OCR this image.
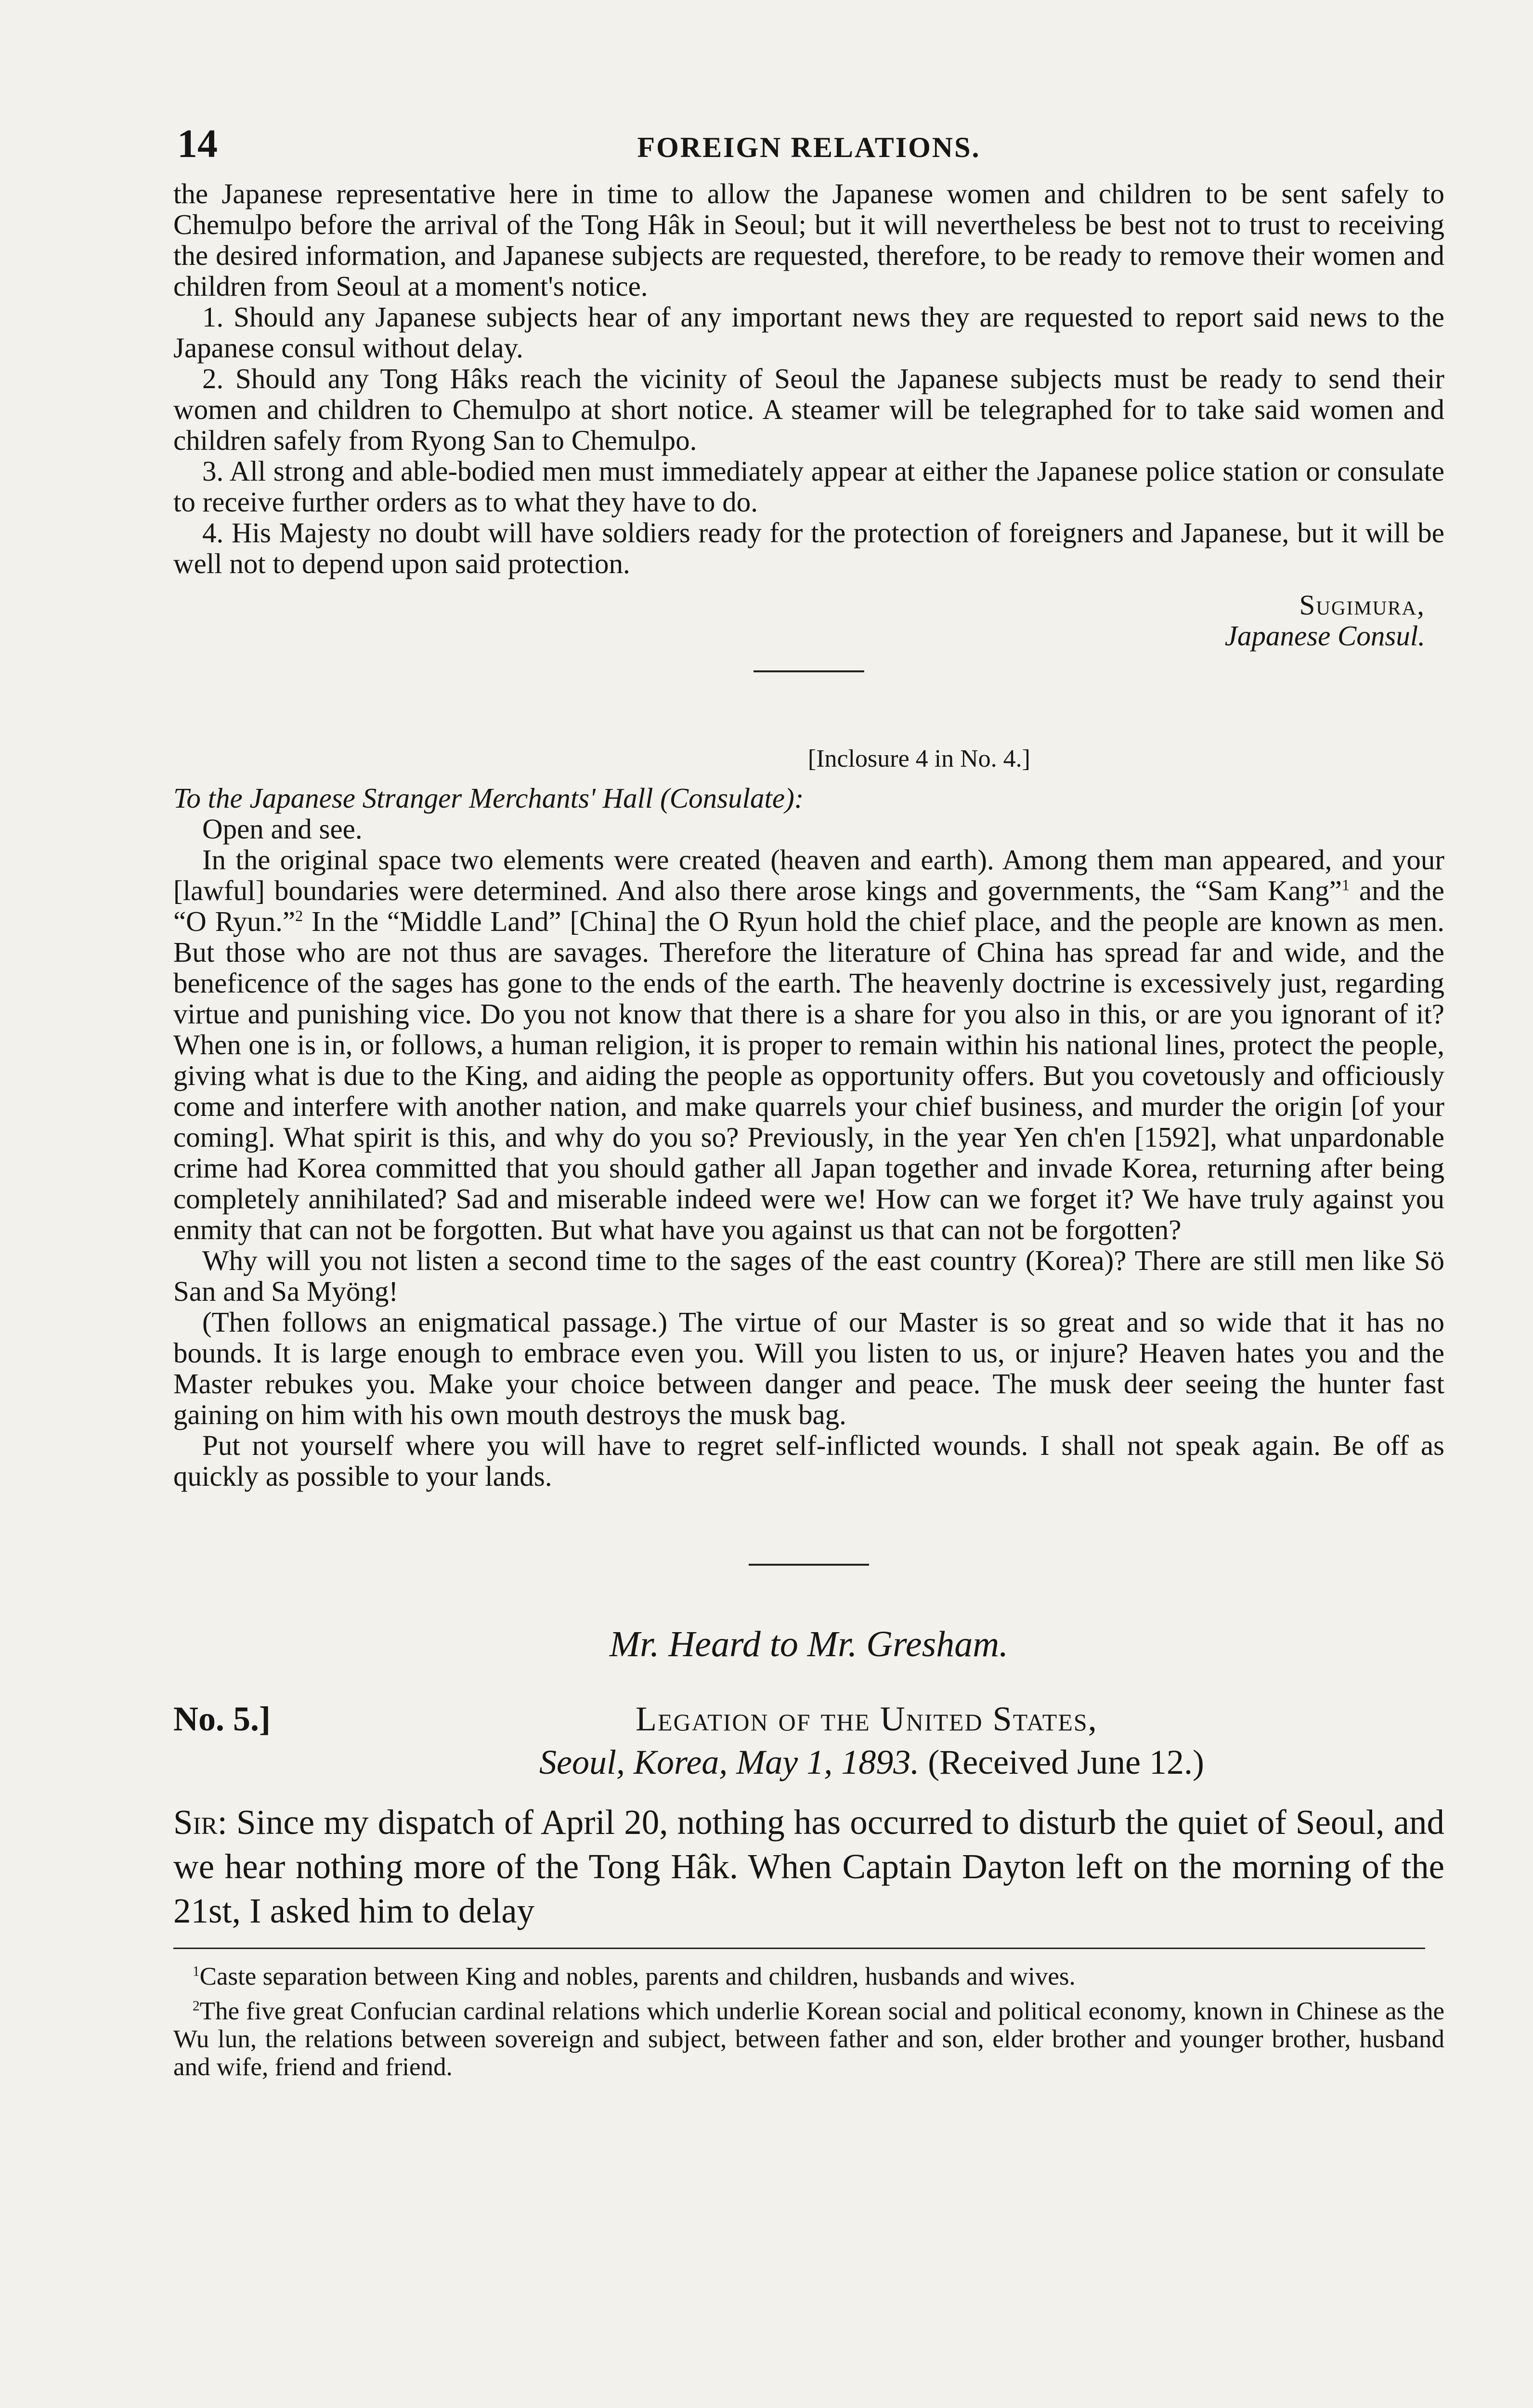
14	FOREIGN RELATIONS.

the Japanese representative here in time to allow the Japanese women and children to be sent safely to Chemulpo before the arrival of the Tong Hâk in Seoul; but it will nevertheless be best not to trust to receiving the desired information, and Japanese subjects are requested, therefore, to be ready to remove their women and children from Seoul at a moment's notice.

1. Should any Japanese subjects hear of any important news they are requested to report said news to the Japanese consul without delay.

2. Should any Tong Hâks reach the vicinity of Seoul the Japanese subjects must be ready to send their women and children to Chemulpo at short notice. A steamer will be telegraphed for to take said women and children safely from Ryong San to Chemulpo.

3. All strong and able-bodied men must immediately appear at either the Japanese police station or consulate to receive further orders as to what they have to do.

4. His Majesty no doubt will have soldiers ready for the protection of foreigners and Japanese, but it will be well not to depend upon said protection.

Sugimura,
Japanese Consul.
[Inclosure 4 in No. 4.]

To the Japanese Stranger Merchants' Hall (Consulate):

Open and see.

In the original space two elements were created (heaven and earth). Among them man appeared, and your [lawful] boundaries were determined. And also there arose kings and governments, the “Sam Kang”$^1$ and the “O Ryun.”$^2$ In the “Middle Land” [China] the O Ryun hold the chief place, and the people are known as men. But those who are not thus are savages. Therefore the literature of China has spread far and wide, and the beneficence of the sages has gone to the ends of the earth. The heavenly doctrine is excessively just, regarding virtue and punishing vice. Do you not know that there is a share for you also in this, or are you ignorant of it? When one is in, or follows, a human religion, it is proper to remain within his national lines, protect the people, giving what is due to the King, and aiding the people as opportunity offers. But you covetously and officiously come and interfere with another nation, and make quarrels your chief business, and murder the origin [of your coming]. What spirit is this, and why do you so? Previously, in the year Yen ch'en [1592], what unpardonable crime had Korea committed that you should gather all Japan together and invade Korea, returning after being completely annihilated? Sad and miserable indeed were we! How can we forget it? We have truly against you enmity that can not be forgotten. But what have you against us that can not be forgotten?

Why will you not listen a second time to the sages of the east country (Korea)? There are still men like Sö San and Sa Myöng!

(Then follows an enigmatical passage.) The virtue of our Master is so great and so wide that it has no bounds. It is large enough to embrace even you. Will you listen to us, or injure? Heaven hates you and the Master rebukes you. Make your choice between danger and peace. The musk deer seeing the hunter fast gaining on him with his own mouth destroys the musk bag.

Put not yourself where you will have to regret self-inflicted wounds. I shall not speak again. Be off as quickly as possible to your lands.

Mr. Heard to Mr. Gresham.
No. 5.]	Legation of the United States,
Seoul, Korea, May 1, 1893. (Received June 12.)

Sir: Since my dispatch of April 20, nothing has occurred to disturb the quiet of Seoul, and we hear nothing more of the Tong Hâk. When Captain Dayton left on the morning of the 21st, I asked him to delay

$^1$Caste separation between King and nobles, parents and children, husbands and wives.

$^2$The five great Confucian cardinal relations which underlie Korean social and political economy, known in Chinese as the Wu lun, the relations between sovereign and subject, between father and son, elder brother and younger brother, husband and wife, friend and friend.
